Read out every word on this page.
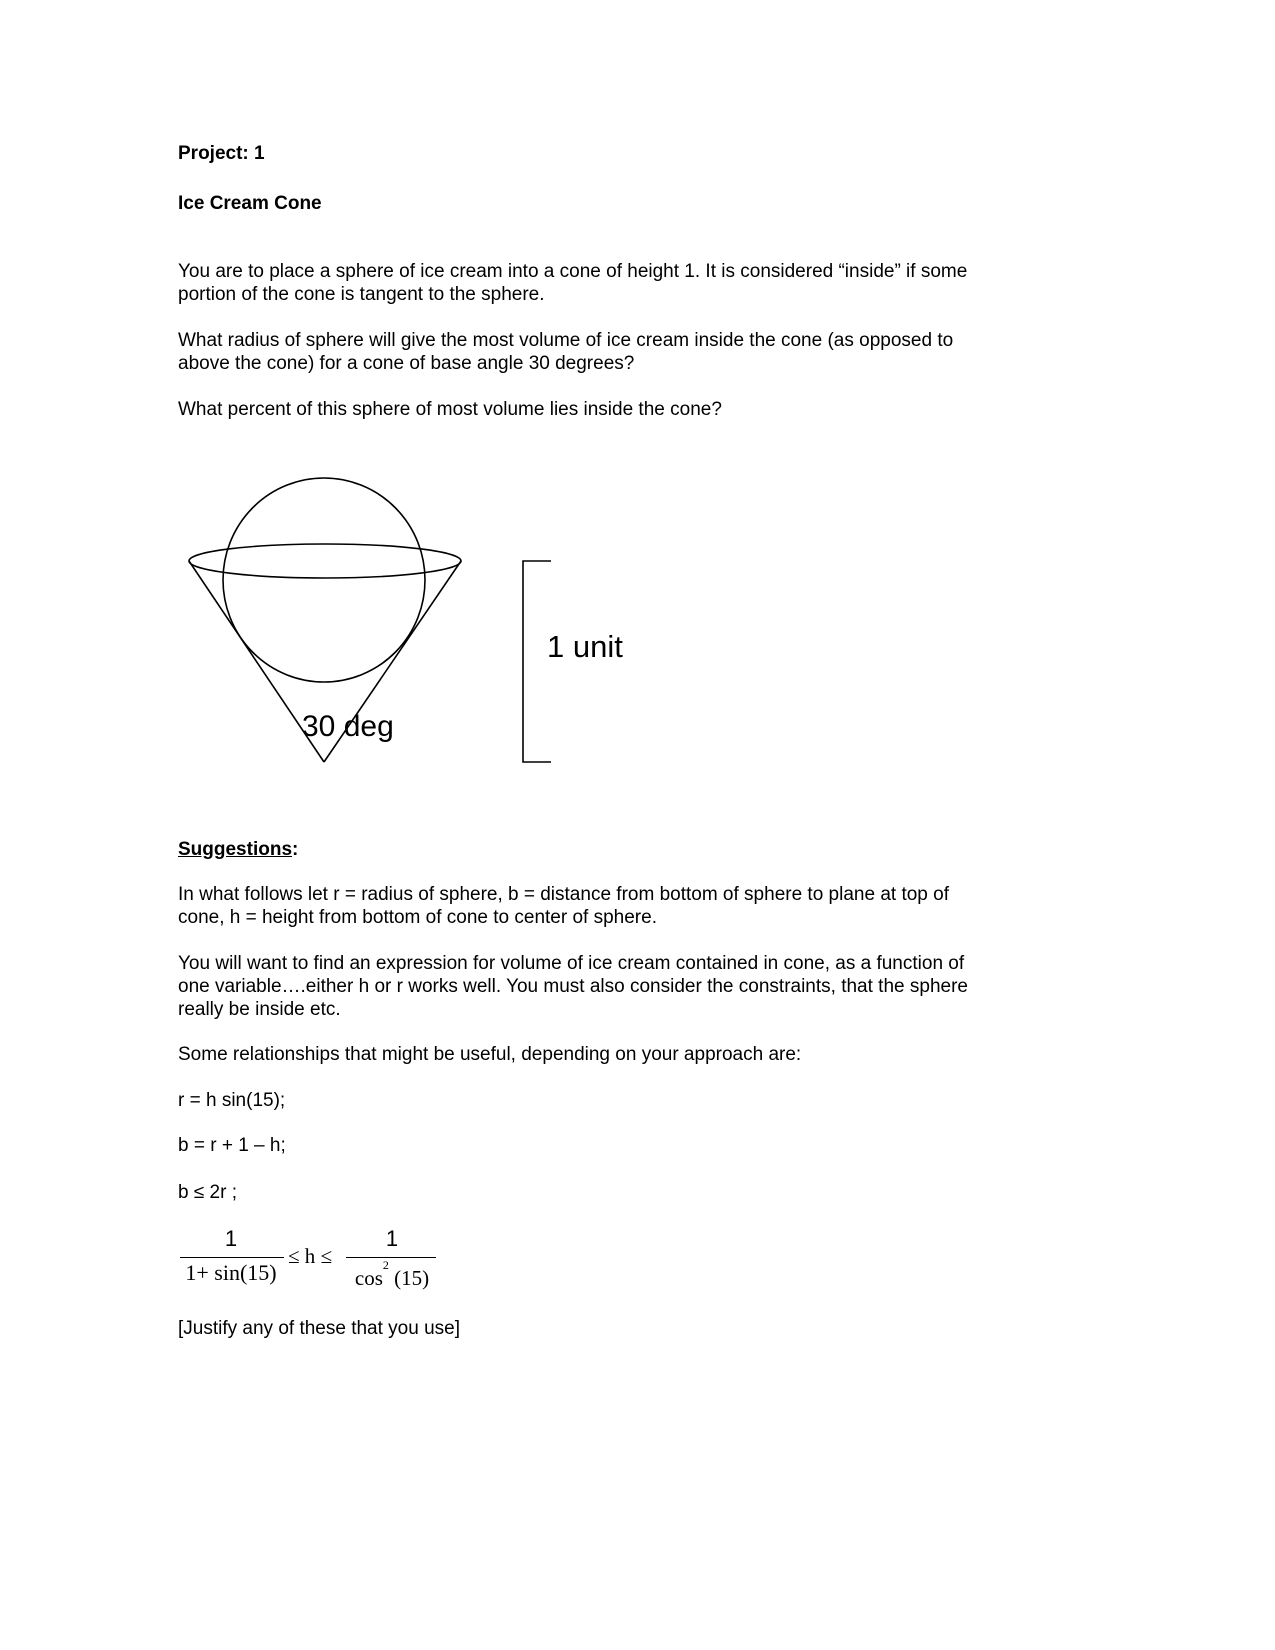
Project: 1
Ice Cream Cone
You are to place a sphere of ice cream into a cone of height 1. It is considered “inside” if some
portion of the cone is tangent to the sphere.
What radius of sphere will give the most volume of ice cream inside the cone (as opposed to
above the cone) for a cone of base angle 30 degrees?
What percent of this sphere of most volume lies inside the cone?
30 deg
1 unit
Suggestions:
In what follows let r = radius of sphere, b = distance from bottom of sphere to plane at top of
cone, h = height from bottom of cone to center of sphere.
You will want to find an expression for volume of ice cream contained in cone, as a function of
one variable….either h or r works well. You must also consider the constraints, that the sphere
really be inside etc.
Some relationships that might be useful, depending on your approach are:
r = h sin(15);
b = r + 1 – h;
b ≤ 2r ;
1
1+ sin(15)
≤ h ≤
1
$\cos^2 (15)$
[Justify any of these that you use]
